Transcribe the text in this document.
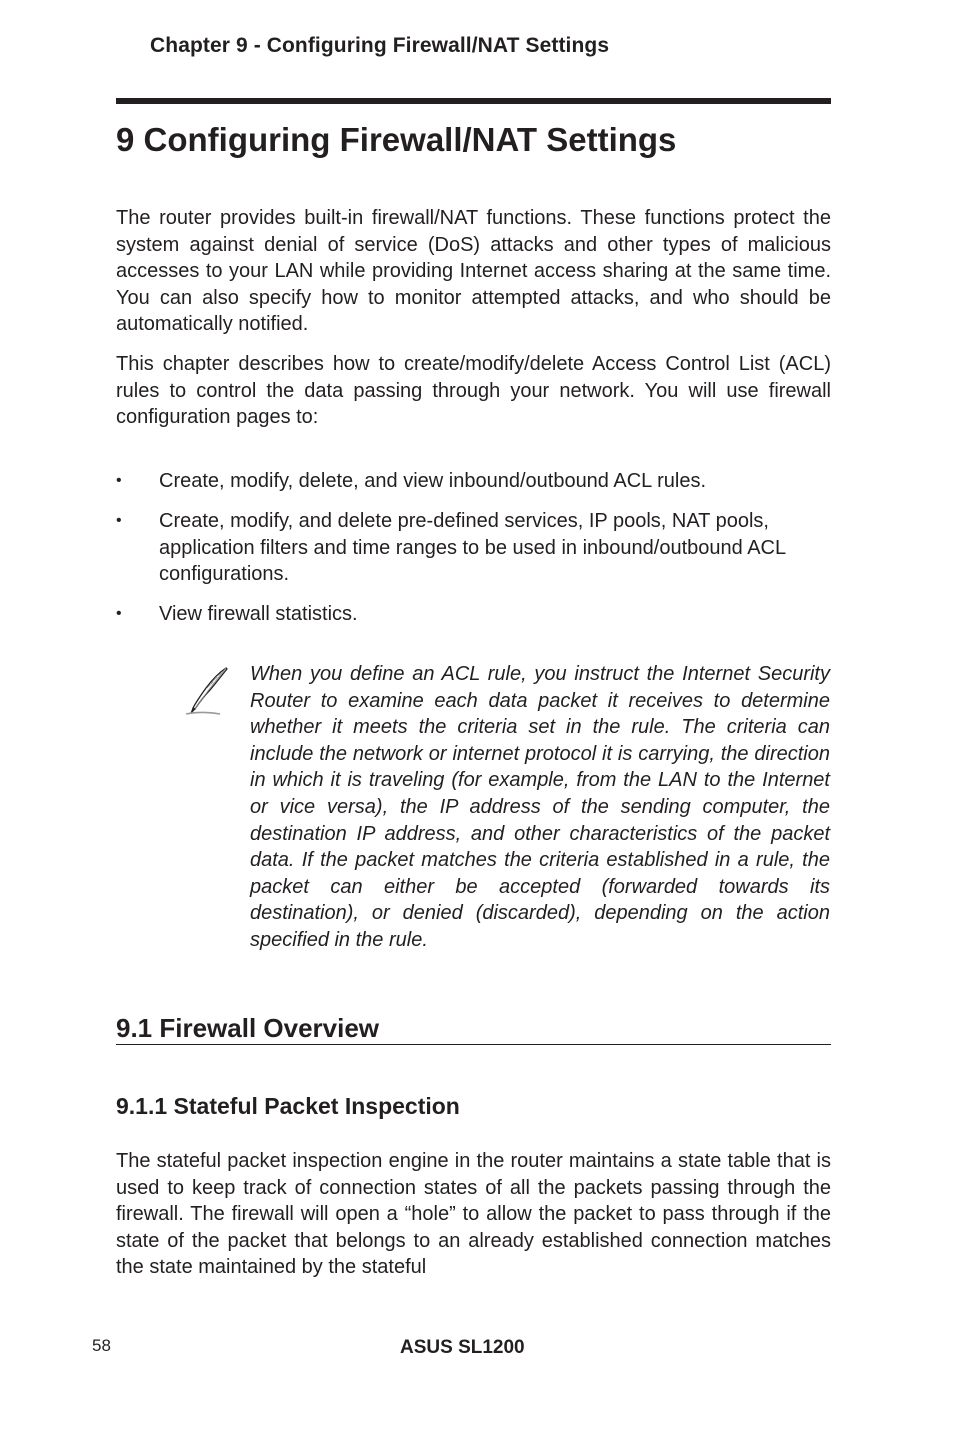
Chapter 9 - Configuring Firewall/NAT Settings
9 Configuring Firewall/NAT Settings

The router provides built-in firewall/NAT functions. These functions protect the system against denial of service (DoS) attacks and other types of malicious accesses to your LAN while providing Internet access sharing at the same time. You can also specify how to monitor attempted attacks, and who should be automatically notified.

This chapter describes how to create/modify/delete Access Control List (ACL) rules to control the data passing through your network. You will use firewall configuration pages to:

•	Create, modify, delete, and view inbound/outbound ACL rules.
•	Create, modify, and delete pre-defined services, IP pools, NAT pools, application filters and time ranges to be used in inbound/outbound ACL configurations.
•	View firewall statistics.

When you define an ACL rule, you instruct the Internet Security Router to examine each data packet it receives to determine whether it meets the criteria set in the rule. The criteria can include the network or internet protocol it is carrying, the direction in which it is traveling (for example, from the LAN to the Internet or vice versa), the IP address of the sending computer, the destination IP address, and other characteristics of the packet data. If the packet matches the criteria established in a rule, the packet can either be accepted (forwarded towards its destination), or denied (discarded), depending on the action specified in the rule.

9.1 Firewall Overview
9.1.1 Stateful Packet Inspection

The stateful packet inspection engine in the router maintains a state table that is used to keep track of connection states of all the packets passing through the firewall. The firewall will open a “hole” to allow the packet to pass through if the state of the packet that belongs to an already established connection matches the state maintained by the stateful

58	ASUS SL1200
